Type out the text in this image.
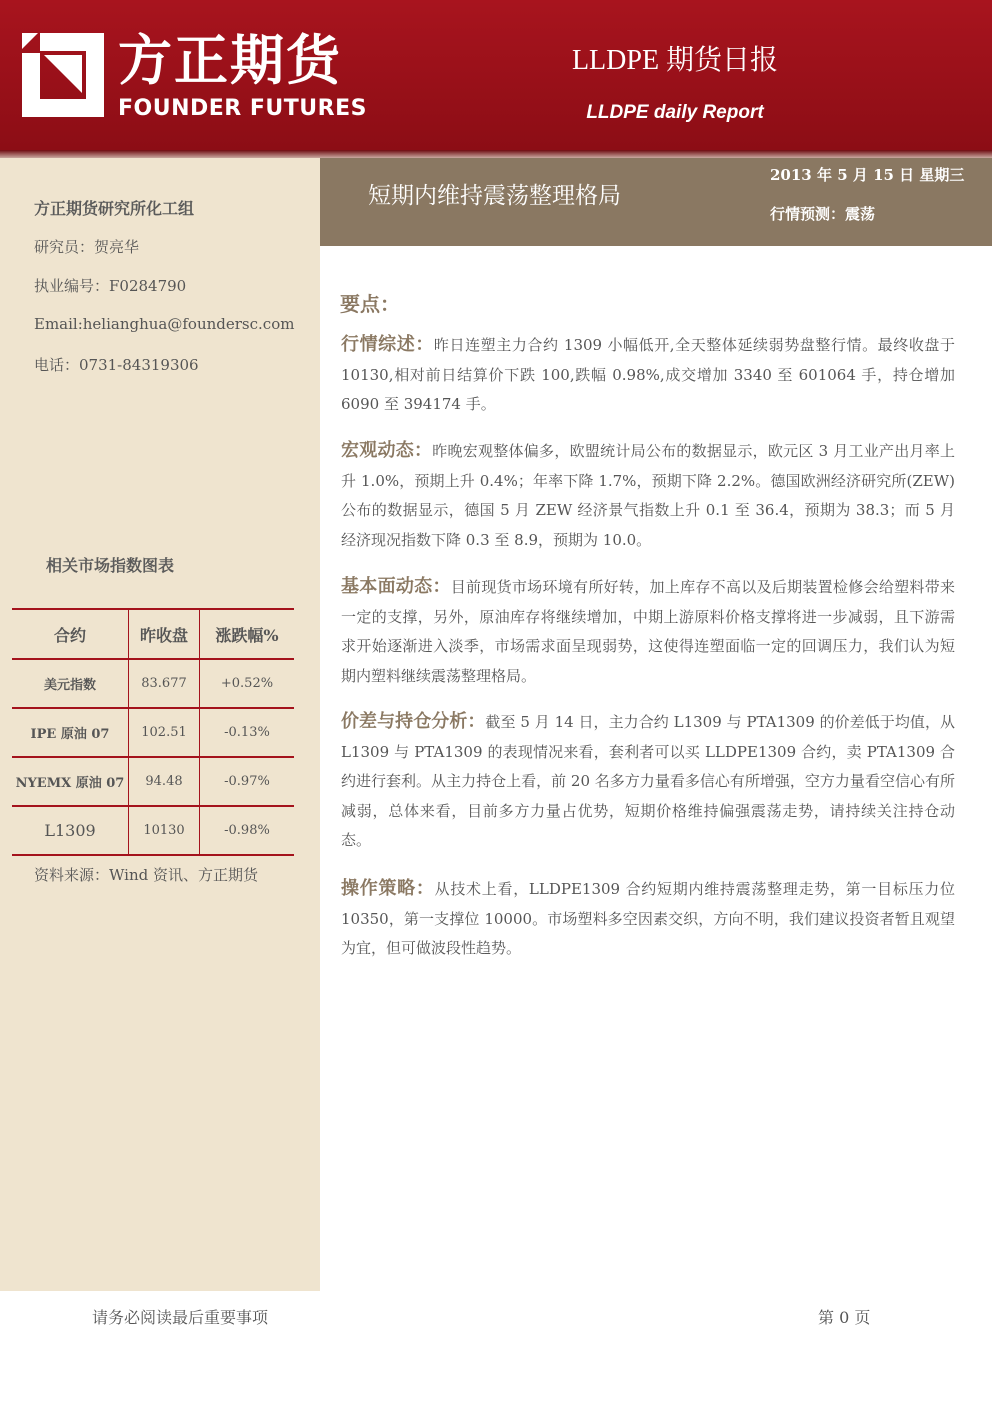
方正期货
FOUNDER FUTURES
LLDPE 期货日报
LLDPE daily Report
方正期货研究所化工组
研究员：贺亮华
执业编号：F0284790
Email:helianghua@foundersc.com
电话：0731-84319306
相关市场指数图表
合约	昨收盘	涨跌幅%
美元指数	83.677	+0.52%
IPE 原油 07	102.51	-0.13%
NYEMX 原油 07	94.48	-0.97%
L1309	10130	-0.98%
资料来源：Wind 资讯、方正期货
短期内维持震荡整理格局
2013 年 5 月 15 日 星期三
行情预测：震荡
要点：
行情综述：昨日连塑主力合约 1309 小幅低开,全天整体延续弱势盘整行情。最终收盘于 10130,相对前日结算价下跌 100,跌幅 0.98%,成交增加 3340 至 601064 手，持仓增加 6090 至 394174 手。
宏观动态：昨晚宏观整体偏多，欧盟统计局公布的数据显示，欧元区 3 月工业产出月率上升 1.0%，预期上升 0.4%；年率下降 1.7%，预期下降 2.2%。德国欧洲经济研究所(ZEW)公布的数据显示，德国 5 月 ZEW 经济景气指数上升 0.1 至 36.4，预期为 38.3；而 5 月经济现况指数下降 0.3 至 8.9，预期为 10.0。
基本面动态：目前现货市场环境有所好转，加上库存不高以及后期装置检修会给塑料带来一定的支撑，另外，原油库存将继续增加，中期上游原料价格支撑将进一步减弱，且下游需求开始逐渐进入淡季，市场需求面呈现弱势，这使得连塑面临一定的回调压力，我们认为短期内塑料继续震荡整理格局。
价差与持仓分析：截至 5 月 14 日，主力合约 L1309 与 PTA1309 的价差低于均值，从 L1309 与 PTA1309 的表现情况来看，套利者可以买 LLDPE1309 合约，卖 PTA1309 合约进行套利。从主力持仓上看，前 20 名多方力量看多信心有所增强，空方力量看空信心有所减弱，总体来看，目前多方力量占优势，短期价格维持偏强震荡走势，请持续关注持仓动态。
操作策略：从技术上看，LLDPE1309 合约短期内维持震荡整理走势，第一目标压力位 10350，第一支撑位 10000。市场塑料多空因素交织，方向不明，我们建议投资者暂且观望为宜，但可做波段性趋势。
请务必阅读最后重要事项	第 0 页
